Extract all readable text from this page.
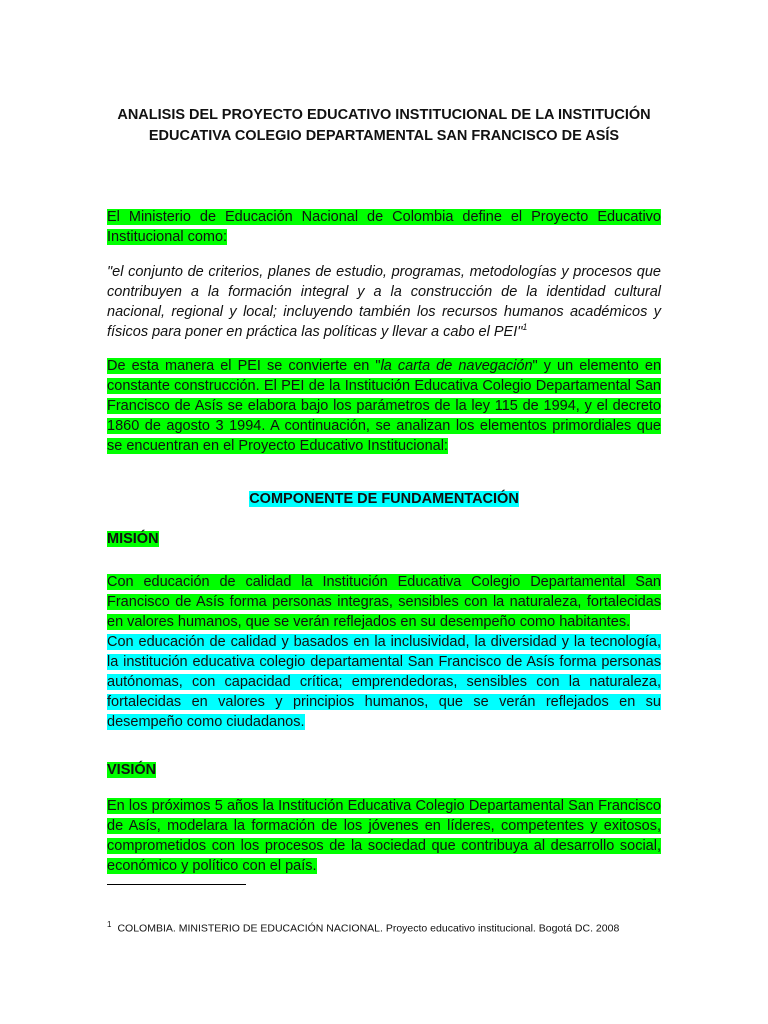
ANALISIS DEL PROYECTO EDUCATIVO INSTITUCIONAL DE LA INSTITUCIÓN EDUCATIVA COLEGIO DEPARTAMENTAL SAN FRANCISCO DE ASÍS
El Ministerio de Educación Nacional de Colombia define el Proyecto Educativo Institucional como:
"el conjunto de criterios, planes de estudio, programas, metodologías y procesos que contribuyen a la formación integral y a la construcción de la identidad cultural nacional, regional y local; incluyendo también los recursos humanos académicos y físicos para poner en práctica las políticas y llevar a cabo el PEI"$^1$
De esta manera el PEI se convierte en "la carta de navegación" y un elemento en constante construcción. El PEI de la Institución Educativa Colegio Departamental San Francisco de Asís se elabora bajo los parámetros de la ley 115 de 1994, y el decreto 1860 de agosto 3 1994. A continuación, se analizan los elementos primordiales que se encuentran en el Proyecto Educativo Institucional:
COMPONENTE DE FUNDAMENTACIÓN
MISIÓN
Con educación de calidad la Institución Educativa Colegio Departamental San Francisco de Asís forma personas integras, sensibles con la naturaleza, fortalecidas en valores humanos, que se verán reflejados en su desempeño como habitantes.
Con educación de calidad y basados en la inclusividad, la diversidad y la tecnología, la institución educativa colegio departamental San Francisco de Asís forma personas autónomas, con capacidad crítica; emprendedoras, sensibles con la naturaleza, fortalecidas en valores y principios humanos, que se verán reflejados en su desempeño como ciudadanos.
VISIÓN
En los próximos 5 años la Institución Educativa Colegio Departamental San Francisco de Asís, modelara la formación de los jóvenes en líderes, competentes y exitosos, comprometidos con los procesos de la sociedad que contribuya al desarrollo social, económico y político con el país.
$^1$ COLOMBIA. MINISTERIO DE EDUCACIÓN NACIONAL. Proyecto educativo institucional. Bogotá DC. 2008
